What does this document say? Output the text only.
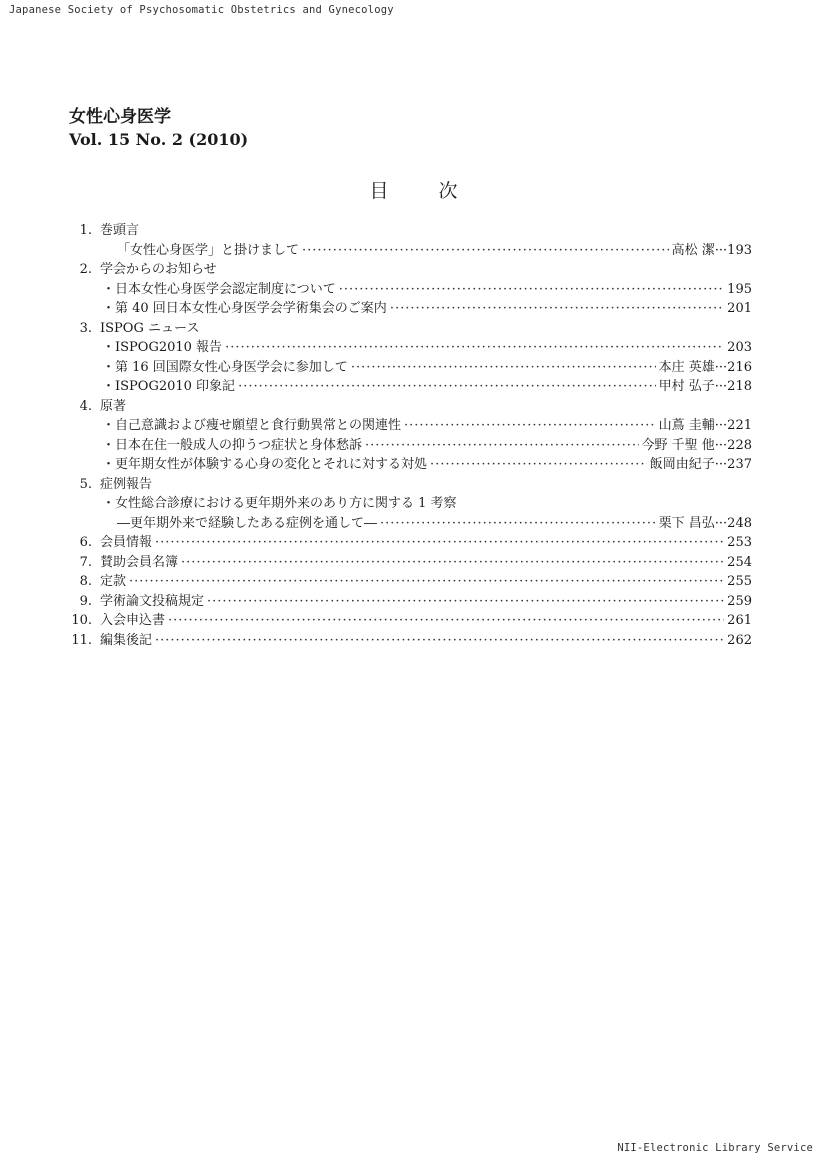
Japanese Society of Psychosomatic Obstetrics and Gynecology
女性心身医学
Vol. 15 No. 2 (2010)
目 次
1. 巻頭言
「女性心身医学」と掛けまして ·····	高松 潔 ··· 193
2. 学会からのお知らせ
・日本女性心身医学会認定制度について ·····	195
・第 40 回日本女性心身医学会学術集会のご案内 ·····	201
3. ISPOG ニュース
・ISPOG2010 報告 ·····	203
・第 16 回国際女性心身医学会に参加して ·····	本庄 英雄 ··· 216
・ISPOG2010 印象記 ·····	甲村 弘子 ··· 218
4. 原著
・自己意識および痩せ願望と食行動異常との関連性 ·····	山蔦 圭輔 ··· 221
・日本在住一般成人の抑うつ症状と身体愁訴 ·····	今野 千聖 他 ··· 228
・更年期女性が体験する心身の変化とそれに対する対処 ·····	飯岡由紀子 ··· 237
5. 症例報告
・女性総合診療における更年期外来のあり方に関する 1 考察
―更年期外来で経験したある症例を通して― ·····	栗下 昌弘 ··· 248
6. 会員情報 ·····	253
7. 賛助会員名簿 ·····	254
8. 定款 ·····	255
9. 学術論文投稿規定 ·····	259
10. 入会申込書 ·····	261
11. 編集後記 ·····	262
NII-Electronic Library Service
